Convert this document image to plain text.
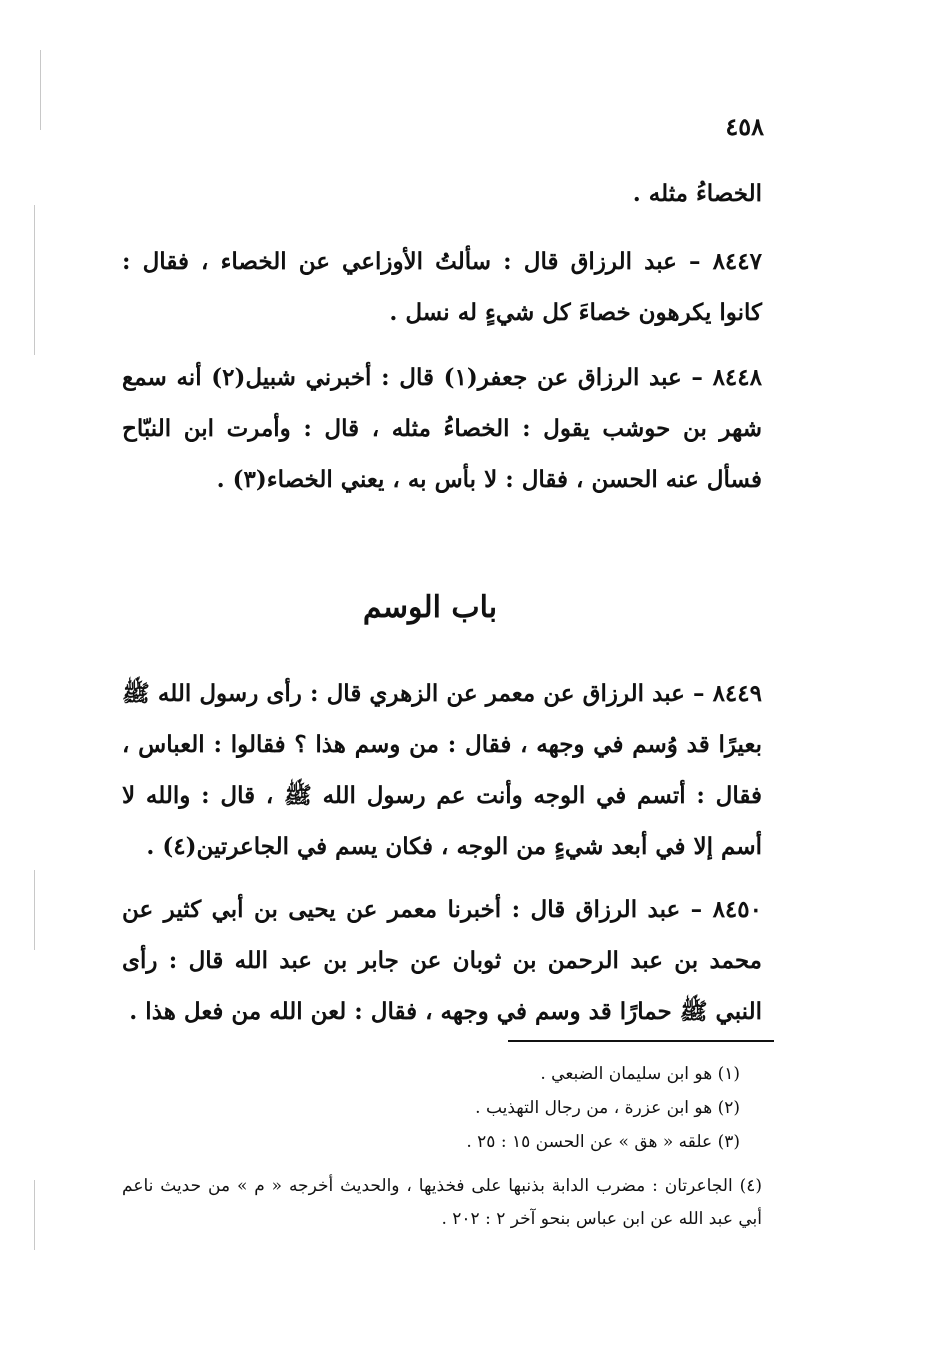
٤٥٨
الخصاءُ مثله .
٨٤٤٧ – عبد الرزاق قال : سألتُ الأوزاعي عن الخصاء ، فقال : كانوا يكرهون خصاءَ كل شيءٍ له نسل .
٨٤٤٨ – عبد الرزاق عن جعفر(١) قال : أخبرني شبيل(٢) أنه سمع شهر بن حوشب يقول : الخصاءُ مثله ، قال : وأمرت ابن النبّاح فسأل عنه الحسن ، فقال : لا بأس به ، يعني الخصاء(٣) .
باب الوسم
٨٤٤٩ – عبد الرزاق عن معمر عن الزهري قال : رأى رسول الله ﷺ بعيرًا قد وُسم في وجهه ، فقال : من وسم هذا ؟ فقالوا : العباس ، فقال : أتسم في الوجه وأنت عم رسول الله ﷺ ، قال : والله لا أسم إلا في أبعد شيءٍ من الوجه ، فكان يسم في الجاعرتين(٤) .
٨٤٥٠ – عبد الرزاق قال : أخبرنا معمر عن يحيى بن أبي كثير عن محمد بن عبد الرحمن بن ثوبان عن جابر بن عبد الله قال : رأى النبي ﷺ حمارًا قد وسم في وجهه ، فقال : لعن الله من فعل هذا .
(١) هو ابن سليمان الضبعي .
(٢) هو ابن عزرة ، من رجال التهذيب .
(٣) علقه « هق » عن الحسن ١٥ : ٢٥ .
(٤) الجاعرتان : مضرب الدابة بذنبها على فخذيها ، والحديث أخرجه « م » من حديث ناعم أبي عبد الله عن ابن عباس بنحو آخر ٢ : ٢٠٢ .
